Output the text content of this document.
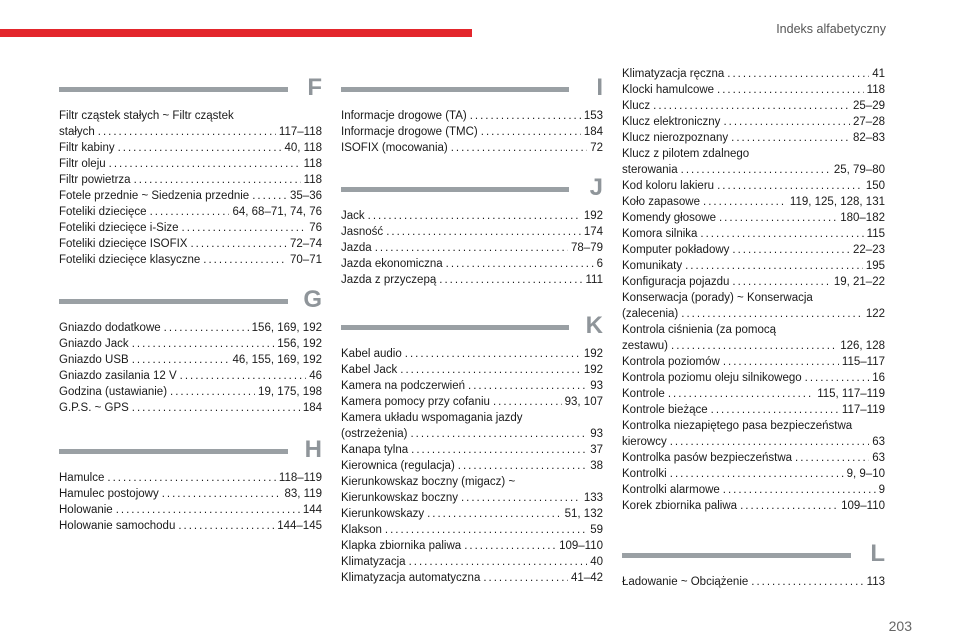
Indeks alfabetyczny
F
Filtr cząstek stałych ~ Filtr cząstek
stałych . . .	117–118
Filtr kabiny . . .	40, 118
Filtr oleju . . .	118
Filtr powietrza . . .	118
Fotele przednie ~ Siedzenia przednie . . .	35–36
Foteliki dziecięce . . .	64, 68–71, 74, 76
Foteliki dziecięce i-Size . . .	76
Foteliki dziecięce ISOFIX . . .	72–74
Foteliki dziecięce klasyczne . . .	70–71
G
Gniazdo dodatkowe . . .	156, 169, 192
Gniazdo Jack . . .	156, 192
Gniazdo USB . . .	46, 155, 169, 192
Gniazdo zasilania 12 V . . .	46
Godzina (ustawianie) . . .	19, 175, 198
G.P.S. ~ GPS . . .	184
H
Hamulce . . .	118–119
Hamulec postojowy . . .	83, 119
Holowanie . . .	144
Holowanie samochodu . . .	144–145
I
Informacje drogowe (TA) . . .	153
Informacje drogowe (TMC) . . .	184
ISOFIX (mocowania) . . .	72
J
Jack . . .	192
Jasność . . .	174
Jazda . . .	78–79
Jazda ekonomiczna . . .	6
Jazda z przyczepą . . .	111
K
Kabel audio . . .	192
Kabel Jack . . .	192
Kamera na podczerwień . . .	93
Kamera pomocy przy cofaniu . . .	93, 107
Kamera układu wspomagania jazdy
(ostrzeżenia) . . .	93
Kanapa tylna . . .	37
Kierownica (regulacja) . . .	38
Kierunkowskaz boczny (migacz) ~
Kierunkowskaz boczny . . .	133
Kierunkowskazy . . .	51, 132
Klakson . . .	59
Klapka zbiornika paliwa . . .	109–110
Klimatyzacja . . .	40
Klimatyzacja automatyczna . . .	41–42
Klimatyzacja ręczna . . .	41
Klocki hamulcowe . . .	118
Klucz . . .	25–29
Klucz elektroniczny . . .	27–28
Klucz nierozpoznany . . .	82–83
Klucz z pilotem zdalnego
sterowania . . .	25, 79–80
Kod koloru lakieru . . .	150
Koło zapasowe . . .	119, 125, 128, 131
Komendy głosowe . . .	180–182
Komora silnika . . .	115
Komputer pokładowy . . .	22–23
Komunikaty . . .	195
Konfiguracja pojazdu . . .	19, 21–22
Konserwacja (porady) ~ Konserwacja
(zalecenia) . . .	122
Kontrola ciśnienia (za pomocą
zestawu) . . .	126, 128
Kontrola poziomów . . .	115–117
Kontrola poziomu oleju silnikowego . . .	16
Kontrole . . .	115, 117–119
Kontrole bieżące . . .	117–119
Kontrolka niezapiętego pasa bezpieczeństwa
kierowcy . . .	63
Kontrolka pasów bezpieczeństwa . . .	63
Kontrolki . . .	9, 9–10
Kontrolki alarmowe . . .	9
Korek zbiornika paliwa . . .	109–110
L
Ładowanie ~ Obciążenie . . .	113
203
